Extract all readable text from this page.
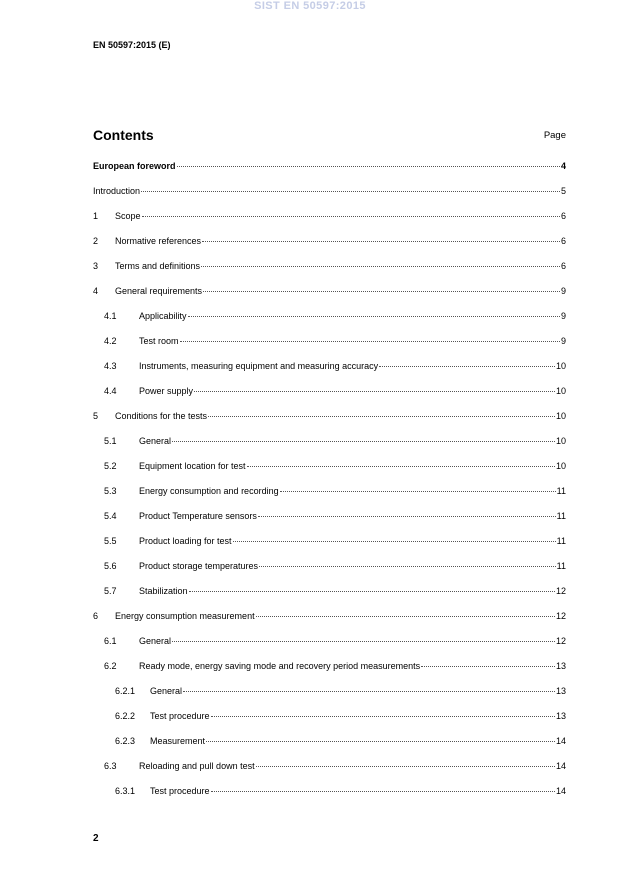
SIST EN 50597:2015
EN 50597:2015 (E)
Contents	Page
European foreword	4
Introduction	5
1	Scope	6
2	Normative references	6
3	Terms and definitions	6
4	General requirements	9
4.1	Applicability	9
4.2	Test room	9
4.3	Instruments, measuring equipment and measuring accuracy	10
4.4	Power supply	10
5	Conditions for the tests	10
5.1	General	10
5.2	Equipment location for test	10
5.3	Energy consumption and recording	11
5.4	Product Temperature sensors	11
5.5	Product loading for test	11
5.6	Product storage temperatures	11
5.7	Stabilization	12
6	Energy consumption measurement	12
6.1	General	12
6.2	Ready mode, energy saving mode and recovery period measurements	13
6.2.1	General	13
6.2.2	Test procedure	13
6.2.3	Measurement	14
6.3	Reloading and pull down test	14
6.3.1	Test procedure	14
2
